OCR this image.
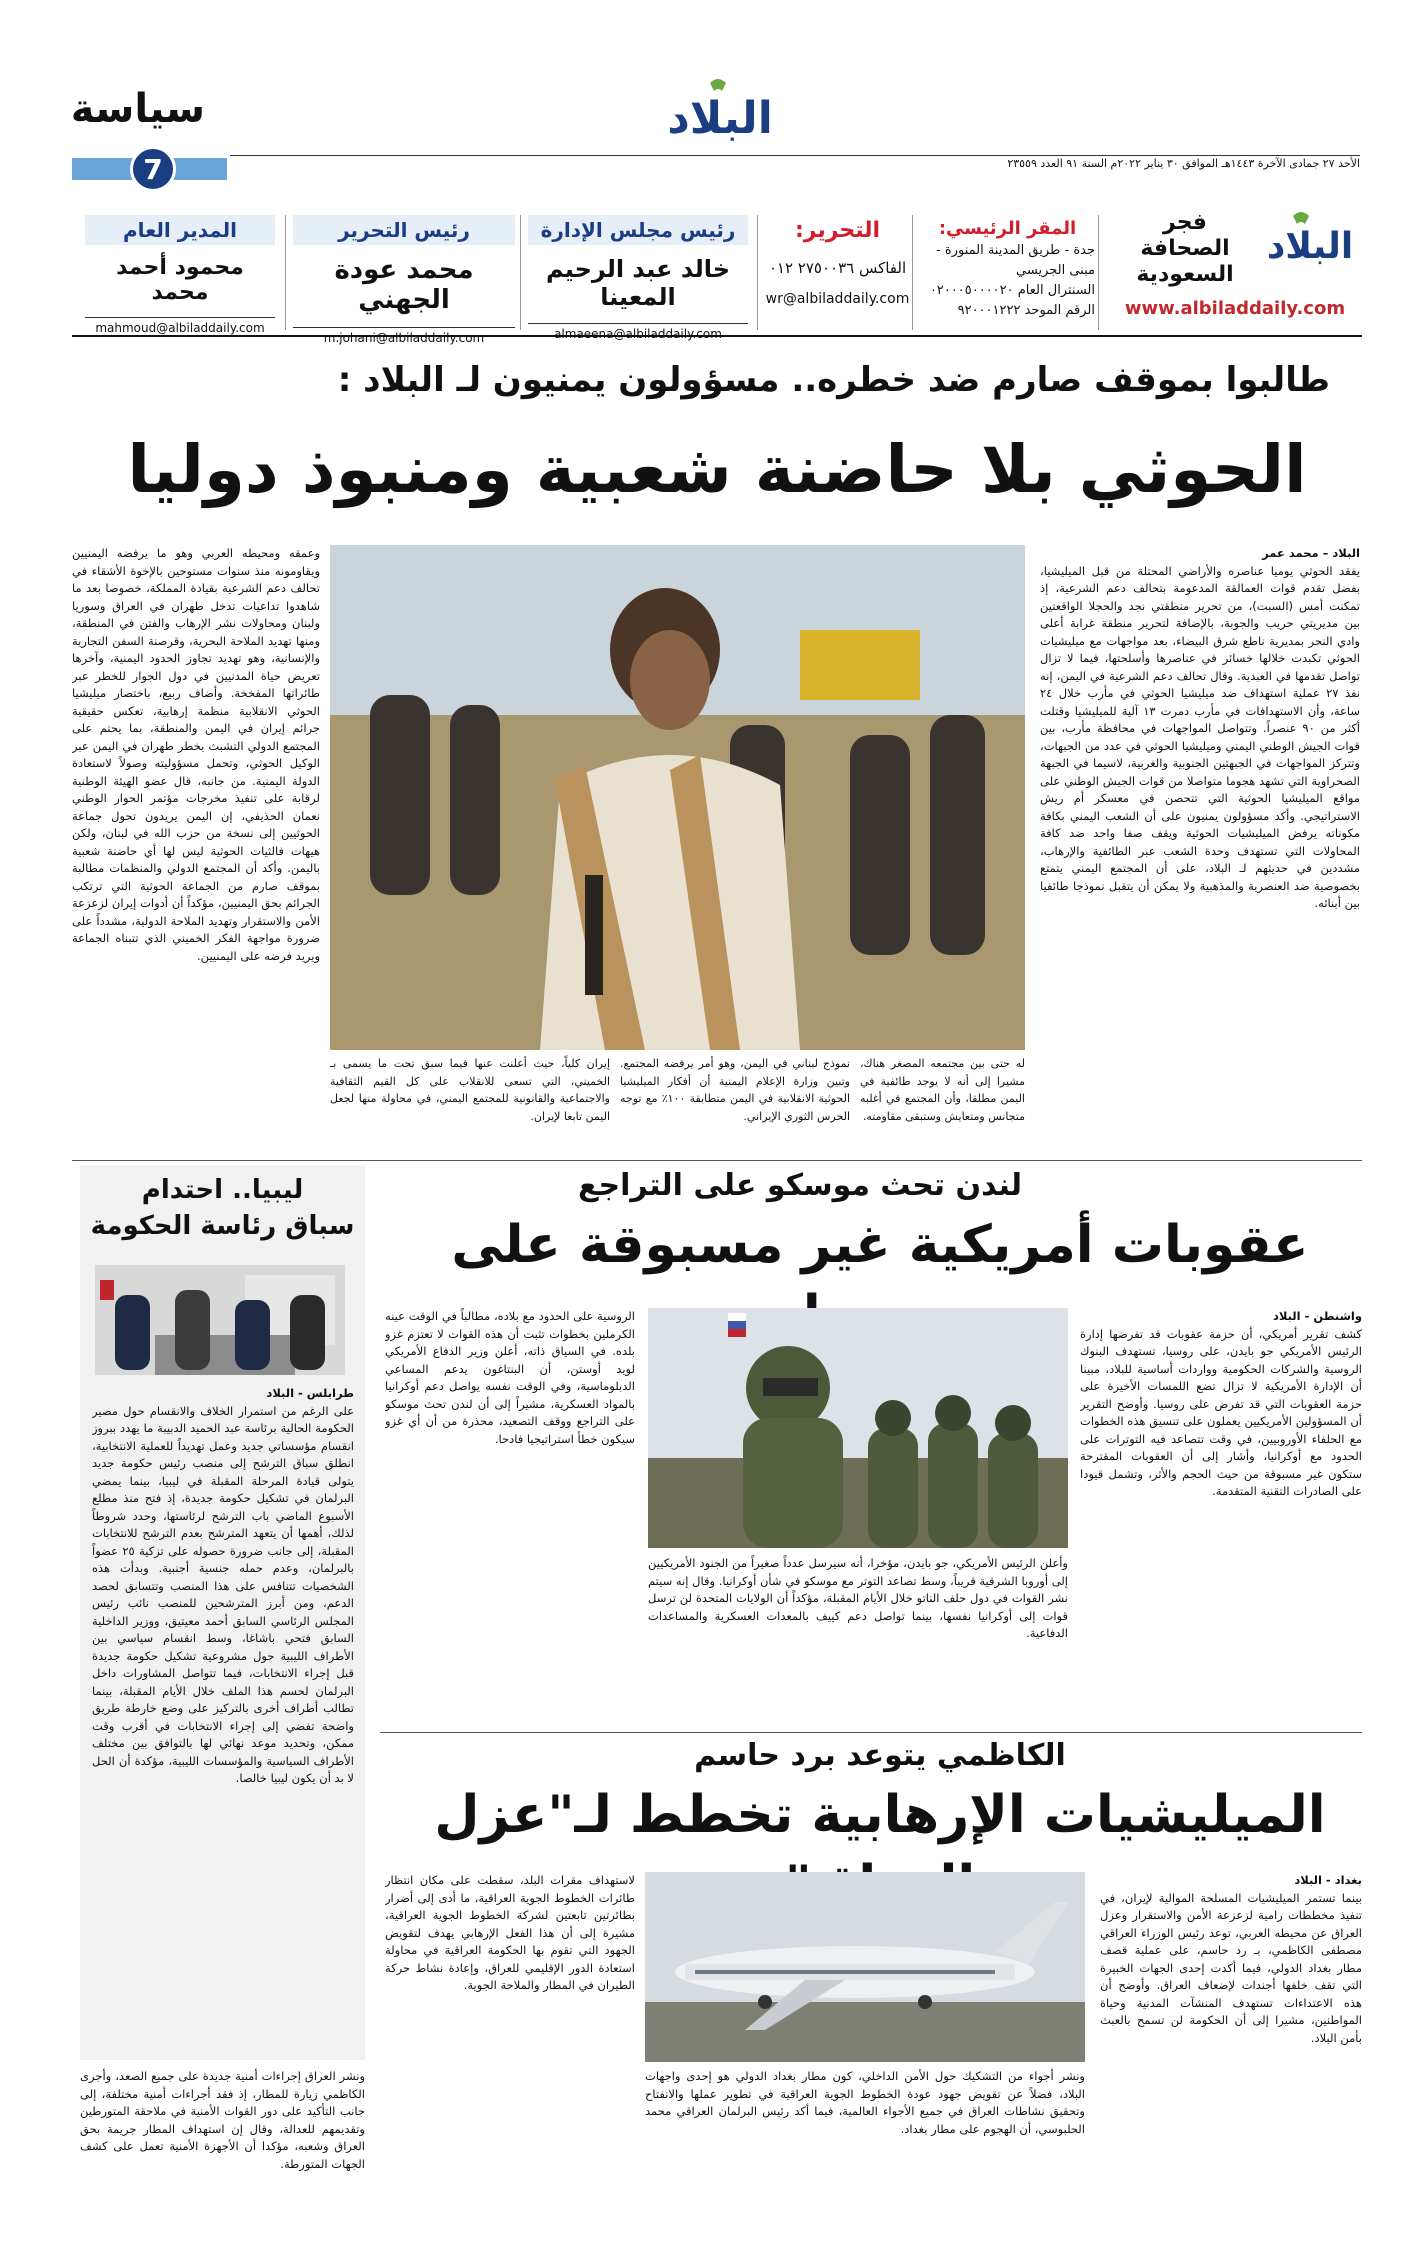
سياسة
7
البلاد
الأحد ٢٧ جمادى الآخرة ١٤٤٣هـ الموافق ٣٠ يناير ٢٠٢٢م السنة ٩١ العدد ٢٣٥٥٩
البلاد
فجر
الصحافة
السعودية
www.albiladdaily.com
المقر الرئيسي:
جدة - طريق المدينة المنورة - مبنى الجريسي
السنترال العام ٠٢٠٠٠٥٠٠٠٠٢٠
الرقم الموحد ٩٢٠٠٠١٢٢٢
التحرير:
الفاكس ٢٧٥٠٠٣٦ ٠١٢
wr@albiladdaily.com
رئيس مجلس الإدارة
خالد عبد الرحيم المعينا
almaeena@albiladdaily.com
رئيس التحرير
محمد عودة الجهني
m.johani@albiladdaily.com
المدير العام
محمود أحمد محمد
mahmoud@albiladdaily.com
طالبوا بموقف صارم ضد خطره.. مسؤولون يمنيون لـ البلاد :
الحوثي بلا حاضنة شعبية ومنبوذ دوليا
البلاد – محمد عمر
يفقد الحوثي يوميا عناصره والأراضي المحتلة من قبل الميليشيا، بفضل تقدم قوات العمالقة المدعومة بتحالف دعم الشرعية، إذ تمكنت أمس (السبت)، من تحرير منطقتي نجد والحجلا الواقعتين بين مديريتي حريب والجوبة، بالإضافة لتحرير منطقة غرابة أعلى وادي النحر بمديرية ناطع شرق البيضاء، بعد مواجهات مع ميليشيات الحوثي تكبدت خلالها خسائر في عناصرها وأسلحتها، فيما لا تزال تواصل تقدمها في العبدية. وقال تحالف دعم الشرعية في اليمن، إنه نفذ ٢٧ عملية استهداف ضد ميليشيا الحوثي في مأرب خلال ٢٤ ساعة، وأن الاستهدافات في مأرب دمرت ١٣ آلية للميليشيا وقتلت أكثر من ٩٠ عنصراً. وتتواصل المواجهات في محافظة مأرب، بين قوات الجيش الوطني اليمني وميليشيا الحوثي في عدد من الجبهات، وتتركز المواجهات في الجبهتين الجنوبية والغربية، لاسيما في الجبهة الصحراوية التي تشهد هجوما متواصلا من قوات الجيش الوطني على مواقع الميليشيا الحوثية التي تتحصن في معسكر أم ريش الاستراتيجي. وأكد مسؤولون يمنيون على أن الشعب اليمني بكافة مكوناته يرفض الميليشيات الحوثية ويقف صفا واحد ضد كافة المحاولات التي تستهدف وحدة الشعب عبر الطائفية والإرهاب، مشددين في حديثهم لـ البلاد، على أن المجتمع اليمني يتمتع بخصوصية ضد العنصرية والمذهبية ولا يمكن أن يتقبل نموذجا طائفيا بين أبنائه.
وعمقه ومحيطه العربي وهو ما يرفضه اليمنيين ويقاومونه منذ سنوات مستوحين بالإخوة الأشقاء في تحالف دعم الشرعية بقيادة المملكة، خصوصا بعد ما شاهدوا تداعيات تدخل طهران في العراق وسوريا ولبنان ومحاولات نشر الإرهاب والفتن في المنطقة، ومنها تهديد الملاحة البحرية، وقرصنة السفن التجارية والإنسانية، وهو تهديد تجاوز الحدود اليمنية، وآخرها تعريض حياة المدنيين في دول الجوار للخطر عبر طائراتها المفخخة. وأضاف ربيع، باختصار ميليشيا الحوثي الانقلابية منظمة إرهابية، تعكس حقيقية جرائم إيران في اليمن والمنطقة، بما يحتم على المجتمع الدولي التشبث بخطر طهران في اليمن عبر الوكيل الحوثي، وتحمل مسؤوليته وصولاً لاستعادة الدولة اليمنية. من جانبه، قال عضو الهيئة الوطنية لرقابة على تنفيذ مخرجات مؤتمر الحوار الوطني نعمان الحذيفي، إن اليمن يريدون تحول جماعة الحوثيين إلى نسخة من حزب الله في لبنان، ولكن هيهات فالثيات الحوثية ليس لها أي حاضنة شعبية باليمن. وأكد أن المجتمع الدولي والمنظمات مطالبة بموقف صارم من الجماعة الحوثية التي ترتكب الجرائم بحق اليمنيين، مؤكداً أن أدوات إيران لزعزعة الأمن والاستقرار وتهديد الملاحة الدولية، مشدداً على ضرورة مواجهة الفكر الخميني الذي تتبناه الجماعة ويريد فرضه على اليمنيين.
له حتى بين مجتمعه المصغر هناك، مشيرا إلى أنه لا يوجد طائفية في اليمن مطلقا، وأن المجتمع في أغلبه متجانس ومتعايش وستبقى مقاومته.
نموذج لبناني في اليمن، وهو أمر يرفضه المجتمع. وتبين وزارة الإعلام اليمنية أن أفكار الميليشيا الحوثية الانقلابية في اليمن متطابقة ١٠٠٪ مع توجه الحرس الثوري الإيراني.
إيران كلياً، حيث أعلنت عنها فيما سبق تحت ما يسمى بـ الخميني، التي تسعى للانقلاب على كل القيم الثقافية والاجتماعية والقانونية للمجتمع اليمني، في محاولة منها لجعل اليمن تابعا لإيران.
ليبيا.. احتدام
سباق رئاسة الحكومة
طرابلس - البلاد
على الرغم من استمرار الخلاف والانقسام حول مصير الحكومة الحالية برئاسة عبد الحميد الدبيبة ما يهدد ببروز انقسام مؤسساتي جديد وعمل تهديداً للعملية الانتخابية، انطلق سباق الترشح إلى منصب رئيس حكومة جديد يتولى قيادة المرحلة المقبلة في ليبيا، بينما يمضي البرلمان في تشكيل حكومة جديدة، إذ فتح منذ مطلع الأسبوع الماضي باب الترشح لرئاستها، وحدد شروطاً لذلك، أهمها أن يتعهد المترشح بعدم الترشح للانتخابات المقبلة، إلى جانب ضرورة حصوله على تزكية ٢٥ عضواً بالبرلمان، وعدم حمله جنسية أجنبية. وبدأت هذه الشخصيات تتنافس على هذا المنصب وتتسابق لحصد الدعم، ومن أبرز المترشحين للمنصب نائب رئيس المجلس الرئاسي السابق أحمد معيتيق، ووزير الداخلية السابق فتحي باشاغا، وسط انقسام سياسي بين الأطراف الليبية حول مشروعية تشكيل حكومة جديدة قبل إجراء الانتخابات، فيما تتواصل المشاورات داخل البرلمان لحسم هذا الملف خلال الأيام المقبلة، بينما تطالب أطراف أخرى بالتركيز على وضع خارطة طريق واضحة تفضي إلى إجراء الانتخابات في أقرب وقت ممكن، وتحديد موعد نهائي لها بالتوافق بين مختلف الأطراف السياسية والمؤسسات الليبية، مؤكدة أن الحل لا بد أن يكون ليبيا خالصا.
لندن تحث موسكو على التراجع
عقوبات أمريكية غير مسبوقة على
واشنطن - البلاد
كشف تقرير أمريكي، أن حزمة عقوبات قد تفرضها إدارة الرئيس الأمريكي جو بايدن، على روسيا، تستهدف البنوك الروسية والشركات الحكومية وواردات أساسية للبلاد، مبينا أن الإدارة الأمريكية لا تزال تضع اللمسات الأخيرة على حزمة العقوبات التي قد تفرض على روسيا. وأوضح التقرير أن المسؤولين الأمريكيين يعملون على تنسيق هذه الخطوات مع الحلفاء الأوروبيين، في وقت تتصاعد فيه التوترات على الحدود مع أوكرانيا، وأشار إلى أن العقوبات المقترحة ستكون غير مسبوقة من حيث الحجم والأثر، وتشمل قيودا على الصادرات التقنية المتقدمة.
وأعلن الرئيس الأمريكي، جو بايدن، مؤخرا، أنه سيرسل عدداً صغيراً من الجنود الأمريكيين إلى أوروبا الشرقية قريباً، وسط تصاعد التوتر مع موسكو في شأن أوكرانيا. وقال إنه سيتم نشر القوات في دول حلف الناتو خلال الأيام المقبلة، مؤكداً أن الولايات المتحدة لن ترسل قوات إلى أوكرانيا نفسها، بينما تواصل دعم كييف بالمعدات العسكرية والمساعدات الدفاعية.
الروسية على الحدود مع بلاده، مطالباً في الوقت عينه الكرملين بخطوات تثبت أن هذه القوات لا تعتزم غزو بلده. في السياق ذاته، أعلن وزير الدفاع الأمريكي لويد أوستن، أن البنتاغون يدعم المساعي الدبلوماسية، وفي الوقت نفسه يواصل دعم أوكرانيا بالمواد العسكرية، مشيراً إلى أن لندن تحث موسكو على التراجع ووقف التصعيد، محذرة من أن أي غزو سيكون خطأ استراتيجيا فادحا.
الكاظمي يتوعد برد حاسم
الميليشيات الإرهابية تخطط لـ"عزل
بغداد - البلاد
بينما تستمر الميليشيات المسلحة الموالية لإيران، في تنفيذ مخططات رامية لزعزعة الأمن والاستقرار وعزل العراق عن محيطه العربي، توعد رئيس الوزراء العراقي مصطفى الكاظمي، بـ رد حاسم، على عملية قصف مطار بغداد الدولي، فيما أكدت إحدى الجهات الخبيرة التي تقف خلفها أجندات لإضعاف العراق. وأوضح أن هذه الاعتداءات تستهدف المنشآت المدنية وحياة المواطنين، مشيرا إلى أن الحكومة لن تسمح بالعبث بأمن البلاد.
ونشر أجواء من التشكيك حول الأمن الداخلي، كون مطار بغداد الدولي هو إحدى واجهات البلاد، فضلاً عن تقويض جهود عودة الخطوط الجوية العراقية في تطوير عملها والانفتاح وتحقيق نشاطات العراق في جميع الأجواء العالمية، فيما أكد رئيس البرلمان العراقي محمد الحلبوسي، أن الهجوم على مطار بغداد.
لاستهداف مقرات البلد، سقطت على مكان انتظار طائرات الخطوط الجوية العراقية، ما أدى إلى أضرار بطائرتين تابعتين لشركة الخطوط الجوية العراقية، مشيرة إلى أن هذا الفعل الإرهابي يهدف لتقويض الجهود التي تقوم بها الحكومة العراقية في محاولة استعادة الدور الإقليمي للعراق، وإعادة نشاط حركة الطيران في المطار والملاحة الجوية.
ونشر العراق إجراءات أمنية جديدة على جميع الصعد، وأجرى الكاظمي زيارة للمطار، إذ فقد أجراءات أمنية مختلفة، إلى جانب التأكيد على دور القوات الأمنية في ملاحقة المتورطين وتقديمهم للعدالة، وقال إن استهداف المطار جريمة بحق العراق وشعبه، مؤكدا أن الأجهزة الأمنية تعمل على كشف الجهات المتورطة.
